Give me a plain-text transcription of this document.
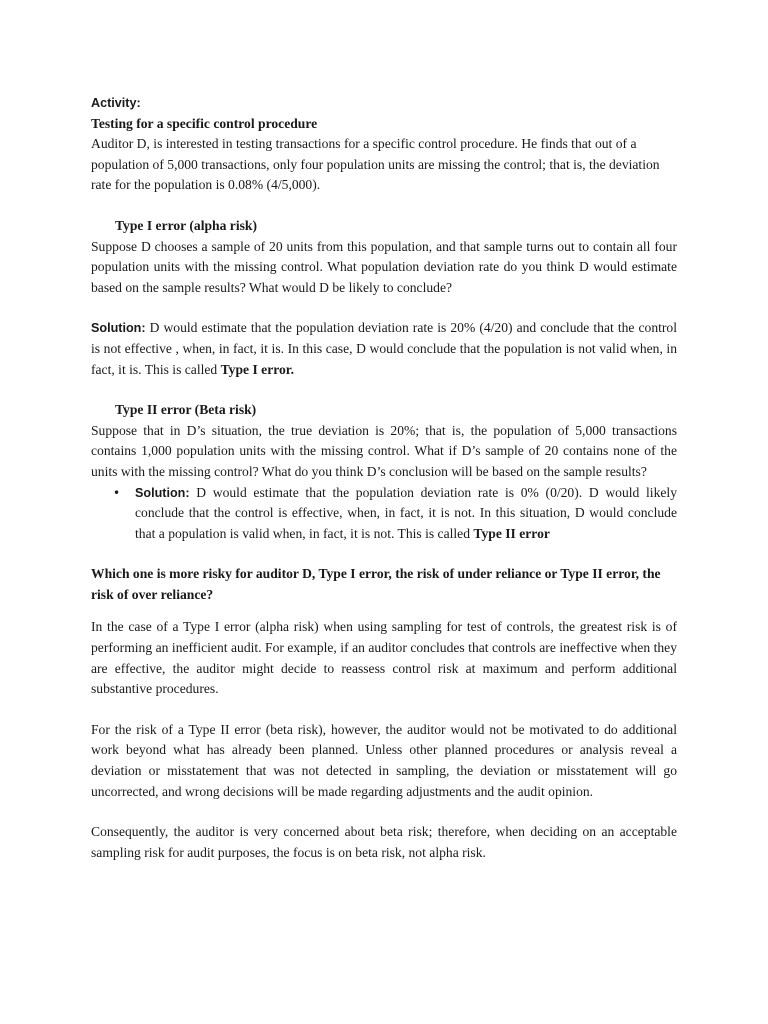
Activity:

Testing for a specific control procedure

Auditor D, is interested in testing transactions for a specific control procedure. He finds that out of a population of 5,000 transactions, only four population units are missing the control; that is, the deviation rate for the population is 0.08% (4/5,000).

Type I error (alpha risk)

Suppose D chooses a sample of 20 units from this population, and that sample turns out to contain all four population units with the missing control. What population deviation rate do you think D would estimate based on the sample results? What would D be likely to conclude?

Solution: D would estimate that the population deviation rate is 20% (4/20) and conclude that the control is not effective , when, in fact, it is. In this case, D would conclude that the population is not valid when, in fact, it is. This is called Type I error.

Type II error (Beta risk)

Suppose that in D’s situation, the true deviation is 20%; that is, the population of 5,000 transactions contains 1,000 population units with the missing control. What if D’s sample of 20 contains none of the units with the missing control? What do you think D’s conclusion will be based on the sample results?

•	Solution: D would estimate that the population deviation rate is 0% (0/20). D would likely conclude that the control is effective, when, in fact, it is not. In this situation, D would conclude that a population is valid when, in fact, it is not. This is called Type II error

Which one is more risky for auditor D, Type I error, the risk of under reliance or Type II error, the risk of over reliance?

In the case of a Type I error (alpha risk) when using sampling for test of controls, the greatest risk is of performing an inefficient audit. For example, if an auditor concludes that controls are ineffective when they are effective, the auditor might decide to reassess control risk at maximum and perform additional substantive procedures.

For the risk of a Type II error (beta risk), however, the auditor would not be motivated to do additional work beyond what has already been planned. Unless other planned procedures or analysis reveal a deviation or misstatement that was not detected in sampling, the deviation or misstatement will go uncorrected, and wrong decisions will be made regarding adjustments and the audit opinion.

Consequently, the auditor is very concerned about beta risk; therefore, when deciding on an acceptable sampling risk for audit purposes, the focus is on beta risk, not alpha risk.
